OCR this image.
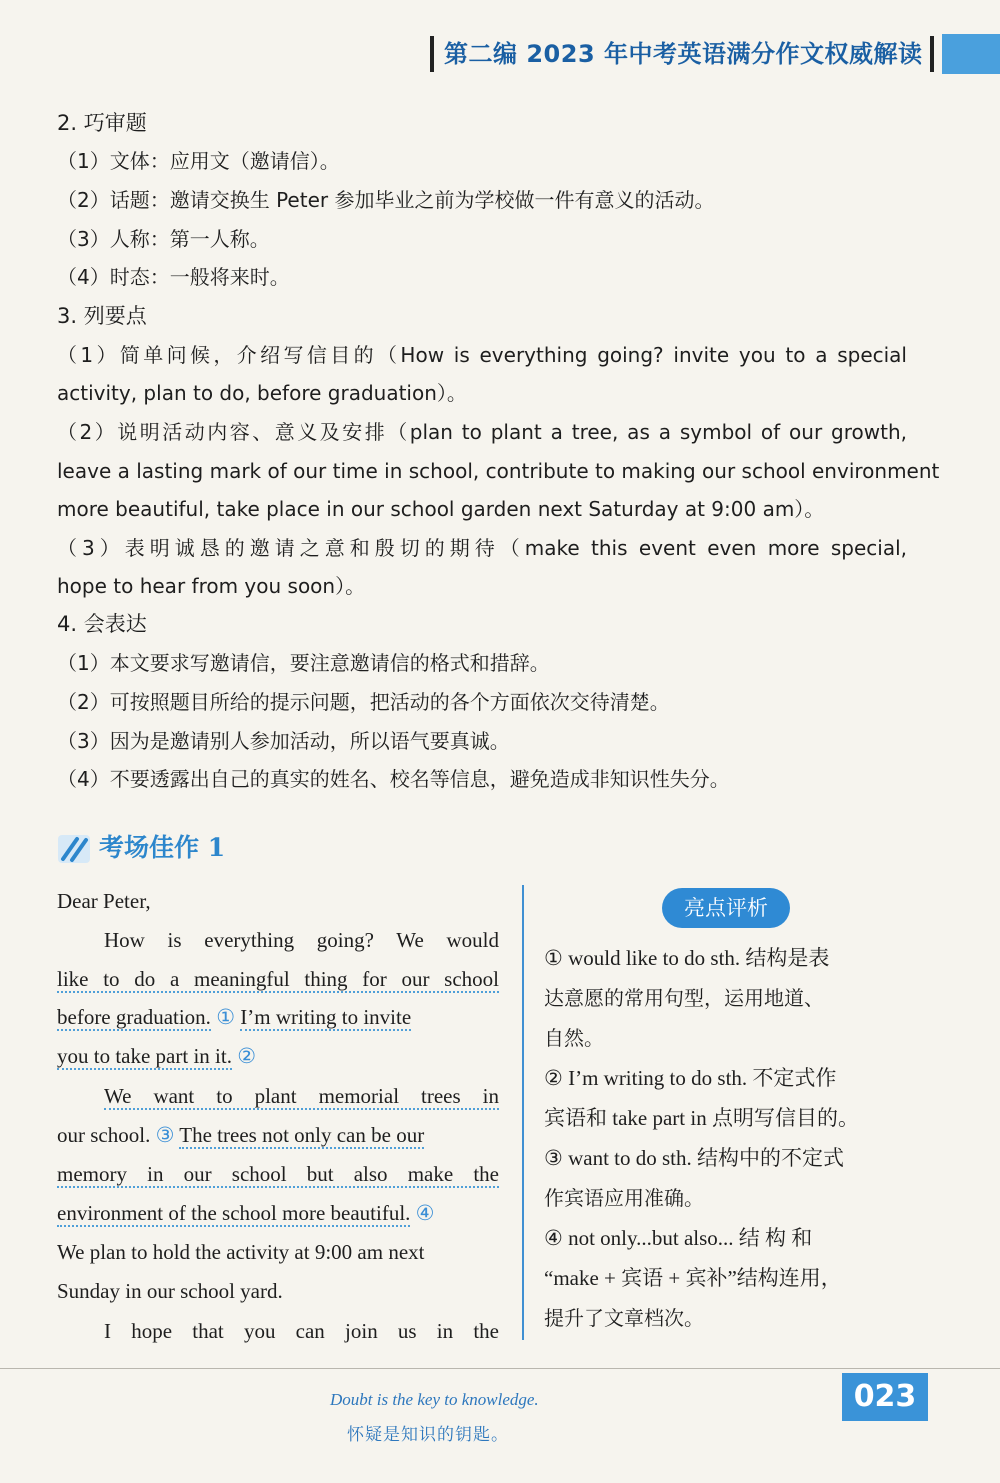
第二编 2023 年中考英语满分作文权威解读
2. 巧审题
（1）文体：应用文（邀请信）。
（2）话题：邀请交换生 Peter 参加毕业之前为学校做一件有意义的活动。
（3）人称：第一人称。
（4）时态：一般将来时。
3. 列要点
（1）简单问候，介绍写信目的（How is everything going? invite you to a special
activity, plan to do, before graduation）。
（2）说明活动内容、意义及安排（plan to plant a tree, as a symbol of our growth,
leave a lasting mark of our time in school, contribute to making our school environment
more beautiful, take place in our school garden next Saturday at 9:00 am）。
（3）表明诚恳的邀请之意和殷切的期待（make this event even more special,
hope to hear from you soon）。
4. 会表达
（1）本文要求写邀请信，要注意邀请信的格式和措辞。
（2）可按照题目所给的提示问题，把活动的各个方面依次交待清楚。
（3）因为是邀请别人参加活动，所以语气要真诚。
（4）不要透露出自己的真实的姓名、校名等信息，避免造成非知识性失分。
考场佳作 1
Dear Peter,
How is everything going? We would
like to do a meaningful thing for our school
before graduation. ① I’m writing to invite
you to take part in it. ②
We want to plant memorial trees in
our school. ③ The trees not only can be our
memory in our school but also make the
environment of the school more beautiful. ④
We plan to hold the activity at 9:00 am next
Sunday in our school yard.
I hope that you can join us in the
亮点评析
① would like to do sth. 结构是表
达意愿的常用句型，运用地道、
自然。
② I’m writing to do sth. 不定式作
宾语和 take part in 点明写信目的。
③ want to do sth. 结构中的不定式
作宾语应用准确。
④ not only...but also... 结 构 和
“make + 宾语 + 宾补”结构连用，
提升了文章档次。
Doubt is the key to knowledge.
怀疑是知识的钥匙。
023
